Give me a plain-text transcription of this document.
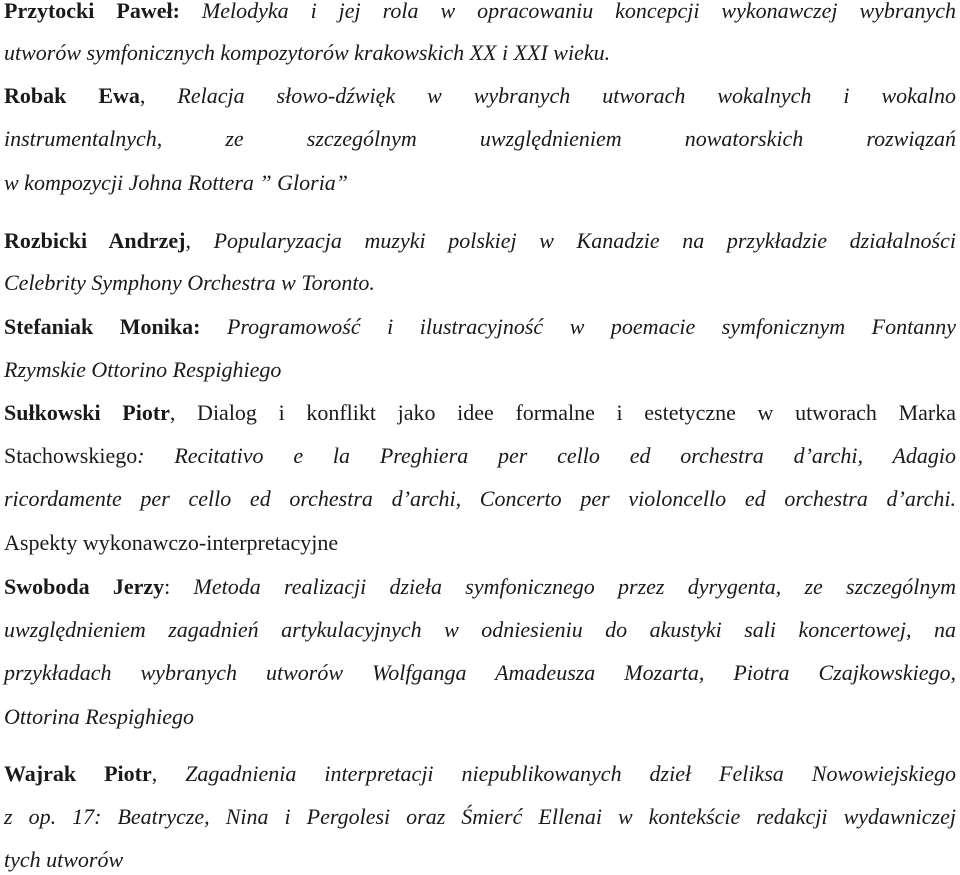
Przytocki Paweł: Melodyka i jej rola w opracowaniu koncepcji wykonawczej wybranych
utworów symfonicznych kompozytorów krakowskich XX i XXI wieku.
Robak Ewa, Relacja słowo-dźwięk w wybranych utworach wokalnych i wokalno
instrumentalnych, ze szczególnym uwzględnieniem nowatorskich rozwiązań
w kompozycji Johna Rottera ” Gloria”
Rozbicki Andrzej, Popularyzacja muzyki polskiej w Kanadzie na przykładzie działalności
Celebrity Symphony Orchestra w Toronto.
Stefaniak Monika: Programowość i ilustracyjność w poemacie symfonicznym Fontanny
Rzymskie Ottorino Respighiego
Sułkowski Piotr, Dialog i konflikt jako idee formalne i estetyczne w utworach Marka
Stachowskiego: Recitativo e la Preghiera per cello ed orchestra d’archi, Adagio
ricordamente per cello ed orchestra d’archi, Concerto per violoncello ed orchestra d’archi.
Aspekty wykonawczo-interpretacyjne
Swoboda Jerzy: Metoda realizacji dzieła symfonicznego przez dyrygenta, ze szczególnym
uwzględnieniem zagadnień artykulacyjnych w odniesieniu do akustyki sali koncertowej, na
przykładach wybranych utworów Wolfganga Amadeusza Mozarta, Piotra Czajkowskiego,
Ottorina Respighiego
Wajrak Piotr, Zagadnienia interpretacji niepublikowanych dzieł Feliksa Nowowiejskiego
z op. 17: Beatrycze, Nina i Pergolesi oraz Śmierć Ellenai w kontekście redakcji wydawniczej
tych utworów
